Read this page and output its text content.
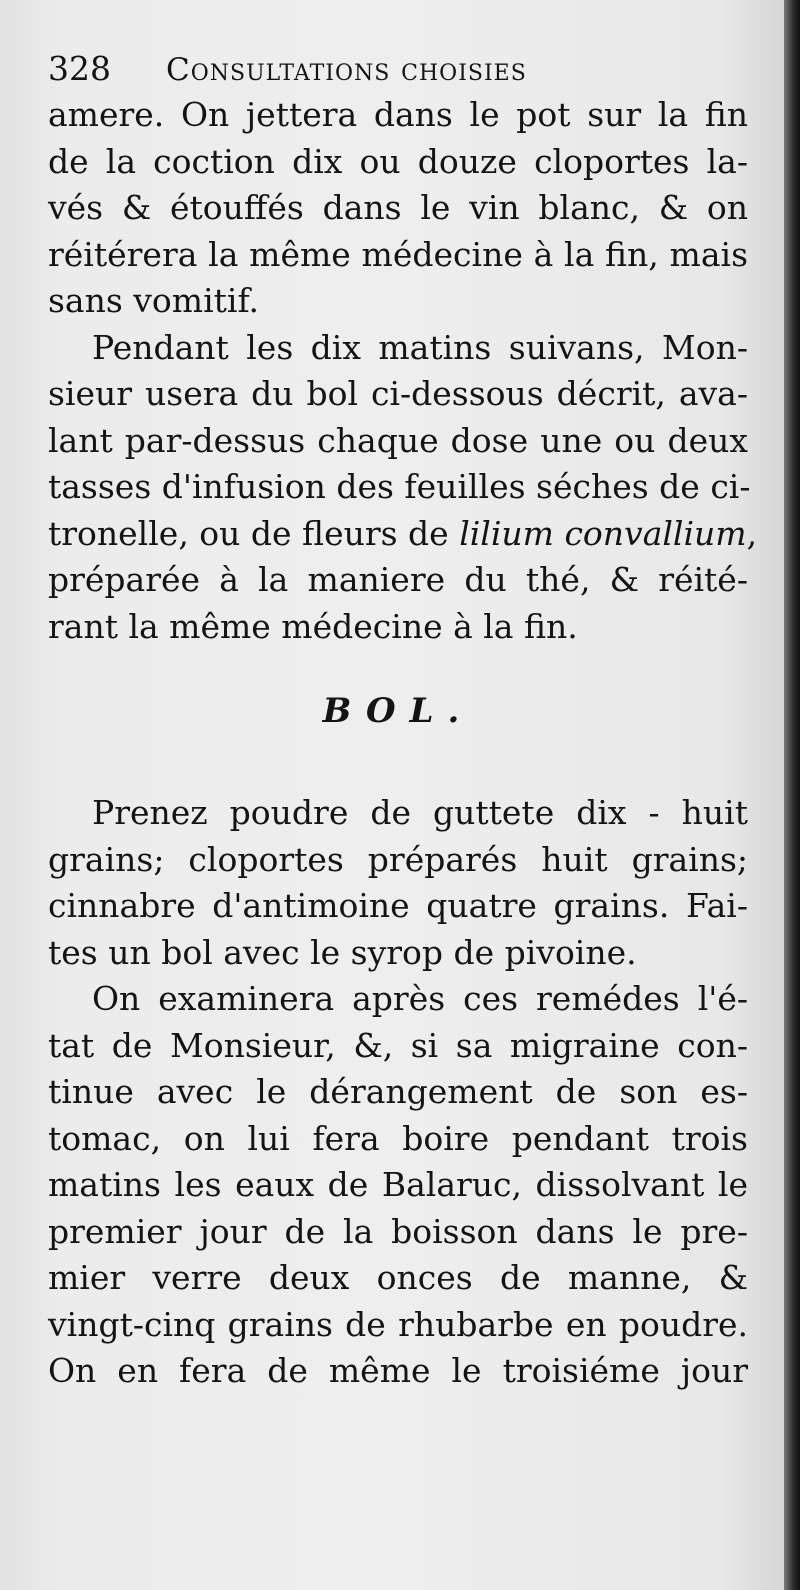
328 Consultations choisies
amere. On jettera dans le pot sur la fin
de la coction dix ou douze cloportes la-
vés & étouffés dans le vin blanc, & on
réitérera la même médecine à la fin, mais
sans vomitif.
Pendant les dix matins suivans, Mon-
sieur usera du bol ci-dessous décrit, ava-
lant par-dessus chaque dose une ou deux
tasses d'infusion des feuilles séches de ci-
tronelle, ou de fleurs de lilium convallium,
préparée à la maniere du thé, & réité-
rant la même médecine à la fin.
BOL.
Prenez poudre de guttete dix - huit
grains; cloportes préparés huit grains;
cinnabre d'antimoine quatre grains. Fai-
tes un bol avec le syrop de pivoine.
On examinera après ces remédes l'é-
tat de Monsieur, &, si sa migraine con-
tinue avec le dérangement de son es-
tomac, on lui fera boire pendant trois
matins les eaux de Balaruc, dissolvant le
premier jour de la boisson dans le pre-
mier verre deux onces de manne, &
vingt-cinq grains de rhubarbe en poudre.
On en fera de même le troisiéme jour
